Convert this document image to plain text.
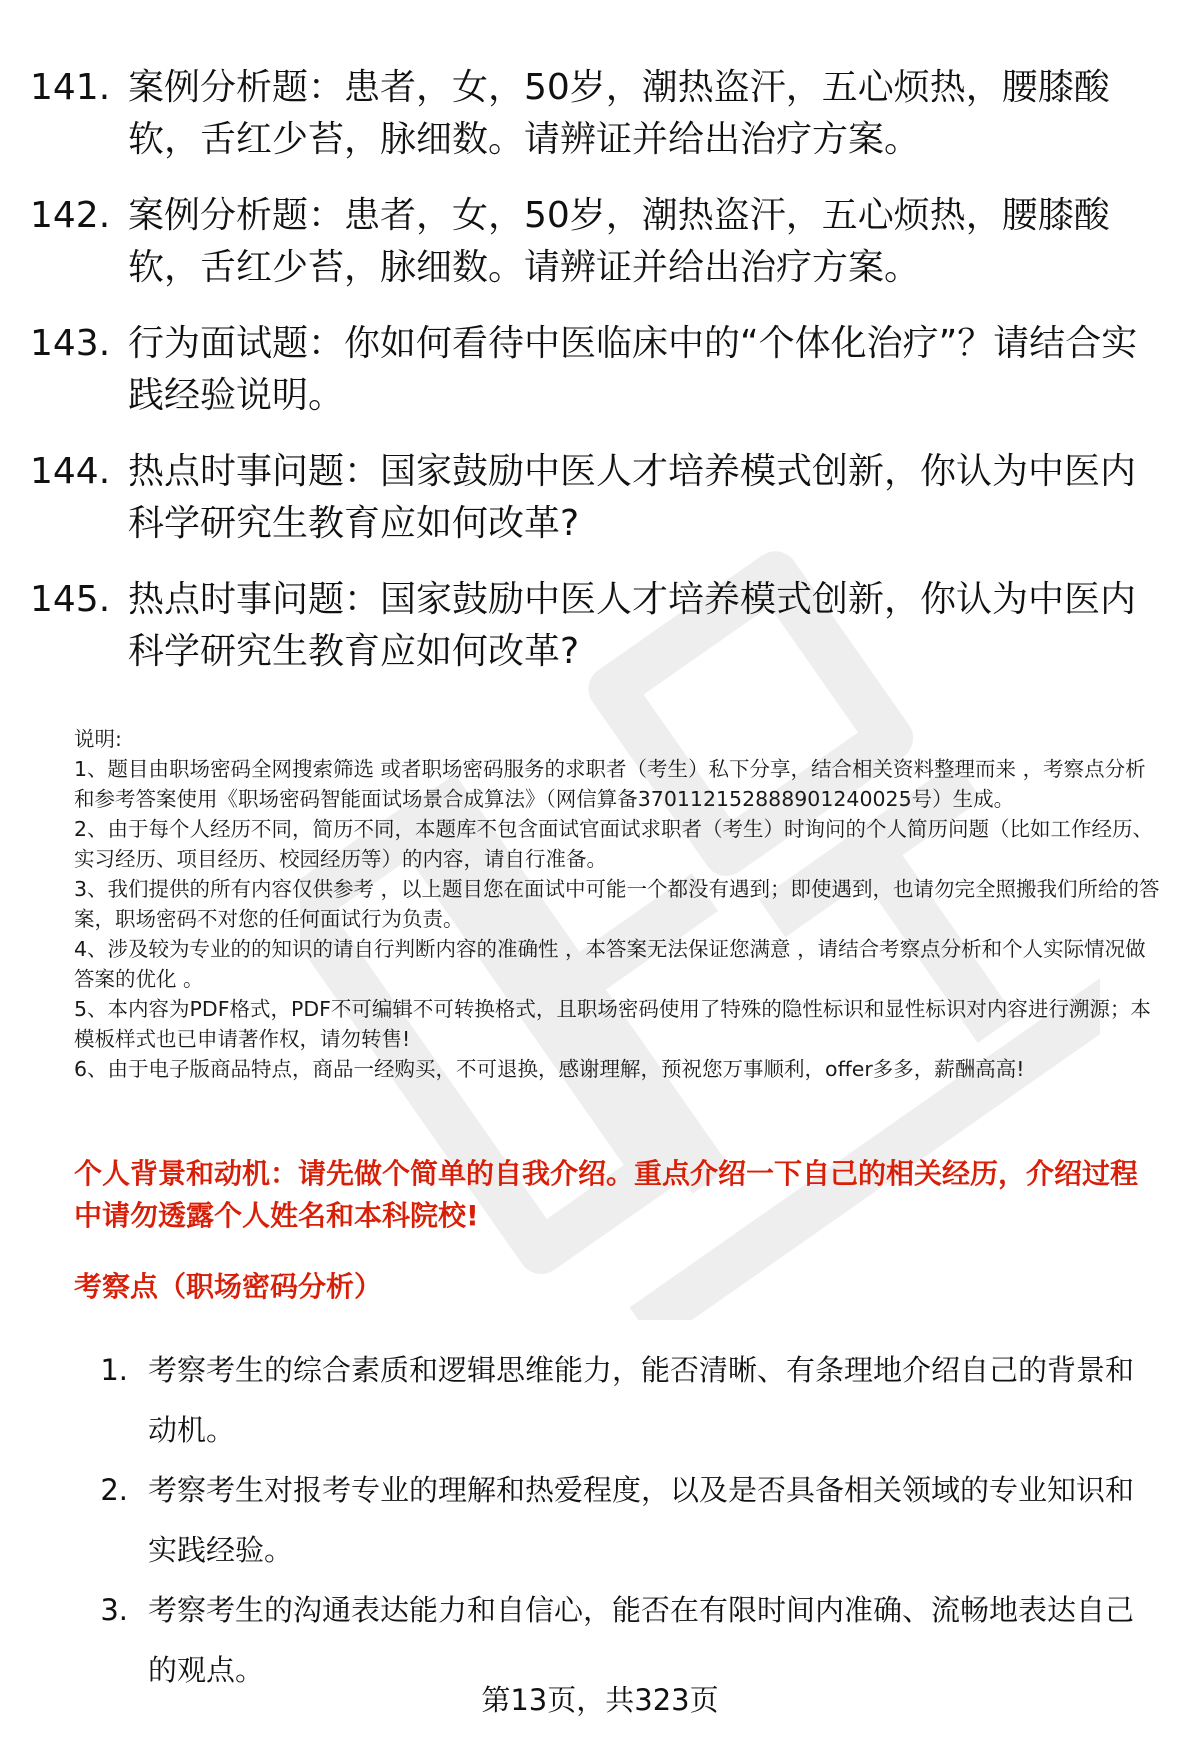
141. 案例分析题：患者，女，50岁，潮热盗汗，五心烦热，腰膝酸软，舌红少苔，脉细数。请辨证并给出治疗方案。
142. 案例分析题：患者，女，50岁，潮热盗汗，五心烦热，腰膝酸软，舌红少苔，脉细数。请辨证并给出治疗方案。
143. 行为面试题：你如何看待中医临床中的“个体化治疗”？请结合实践经验说明。
144. 热点时事问题：国家鼓励中医人才培养模式创新，你认为中医内科学研究生教育应如何改革?
145. 热点时事问题：国家鼓励中医人才培养模式创新，你认为中医内科学研究生教育应如何改革?

说明:

1、题目由职场密码全网搜索筛选 或者职场密码服务的求职者（考生）私下分享，结合相关资料整理而来 ，考察点分析和参考答案使用《职场密码智能面试场景合成算法》（网信算备370112152888901240025号）生成。

2、由于每个人经历不同，简历不同，本题库不包含面试官面试求职者（考生）时询问的个人简历问题（比如工作经历、实习经历、项目经历、校园经历等）的内容，请自行准备。

3、我们提供的所有内容仅供参考 ，以上题目您在面试中可能一个都没有遇到；即使遇到，也请勿完全照搬我们所给的答案，职场密码不对您的任何面试行为负责。

4、涉及较为专业的的知识的请自行判断内容的准确性 ，本答案无法保证您满意 ，请结合考察点分析和个人实际情况做答案的优化 。

5、本内容为PDF格式，PDF不可编辑不可转换格式，且职场密码使用了特殊的隐性标识和显性标识对内容进行溯源；本模板样式也已申请著作权，请勿转售!

6、由于电子版商品特点，商品一经购买，不可退换，感谢理解，预祝您万事顺利，offer多多，薪酬高高!

个人背景和动机：请先做个简单的自我介绍。重点介绍一下自己的相关经历，介绍过程中请勿透露个人姓名和本科院校!
考察点（职场密码分析）
1. 考察考生的综合素质和逻辑思维能力，能否清晰、有条理地介绍自己的背景和动机。
2. 考察考生对报考专业的理解和热爱程度，以及是否具备相关领域的专业知识和实践经验。
3. 考察考生的沟通表达能力和自信心，能否在有限时间内准确、流畅地表达自己的观点。
第13页，共323页
